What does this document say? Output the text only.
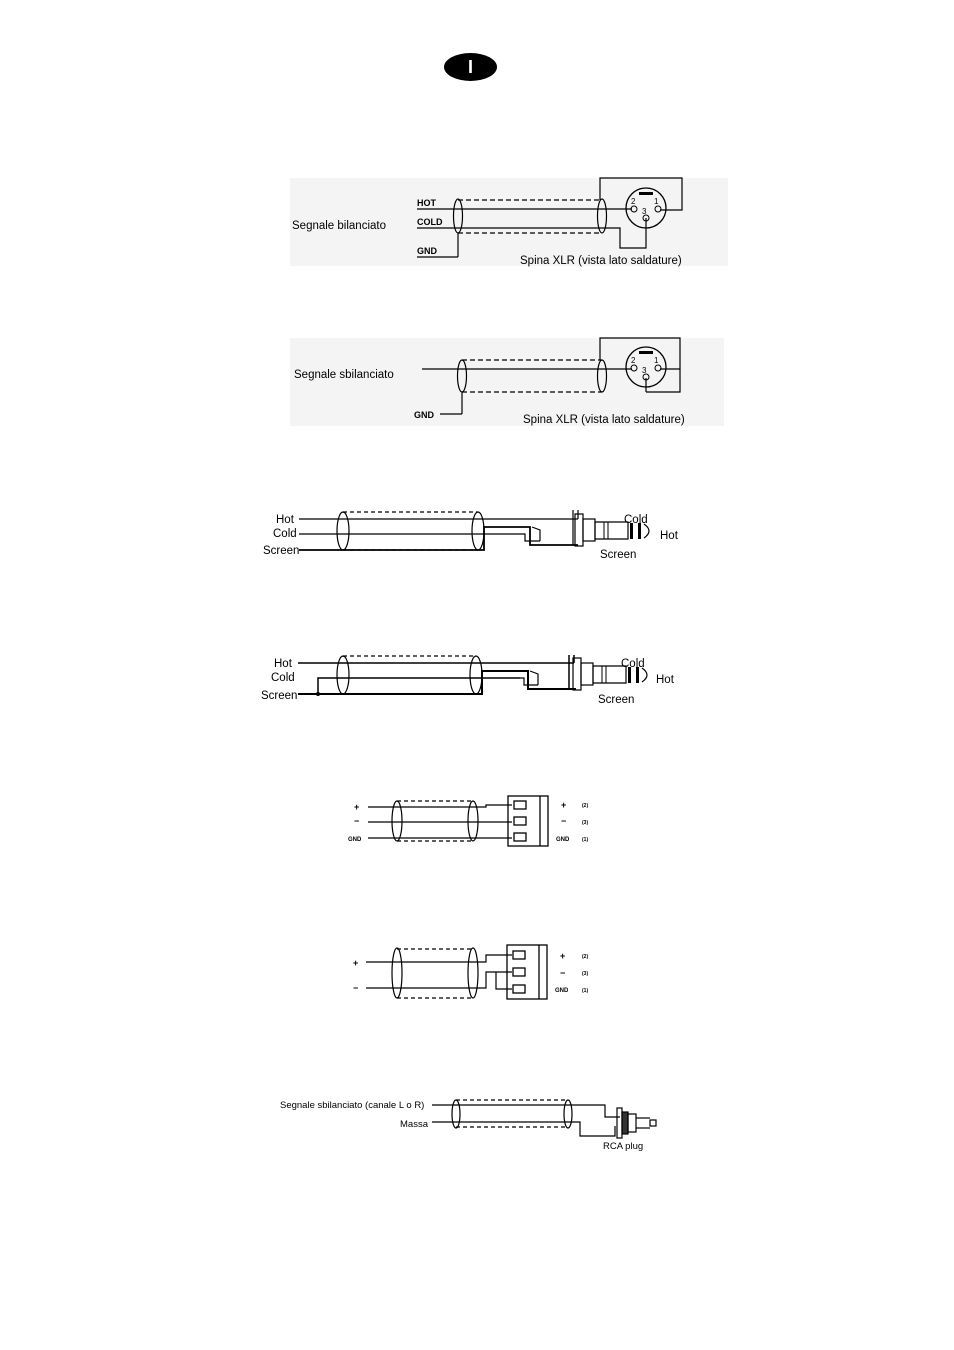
I
Segnale bilanciato
HOT
COLD
GND
2 1
3
Spina XLR (vista lato saldature)
Segnale sbilanciato
GND
2 1
3
Spina XLR (vista lato saldature)
Hot
Cold
Screen
Cold
Hot
Screen
Hot
Cold
Screen
Cold
Hot
Screen
+
−
GND
+
−
GND
(2)
(3)
(1)
+
−
+
−
GND
(2)
(3)
(1)
Segnale sbilanciato (canale L o R)
Massa
RCA plug
